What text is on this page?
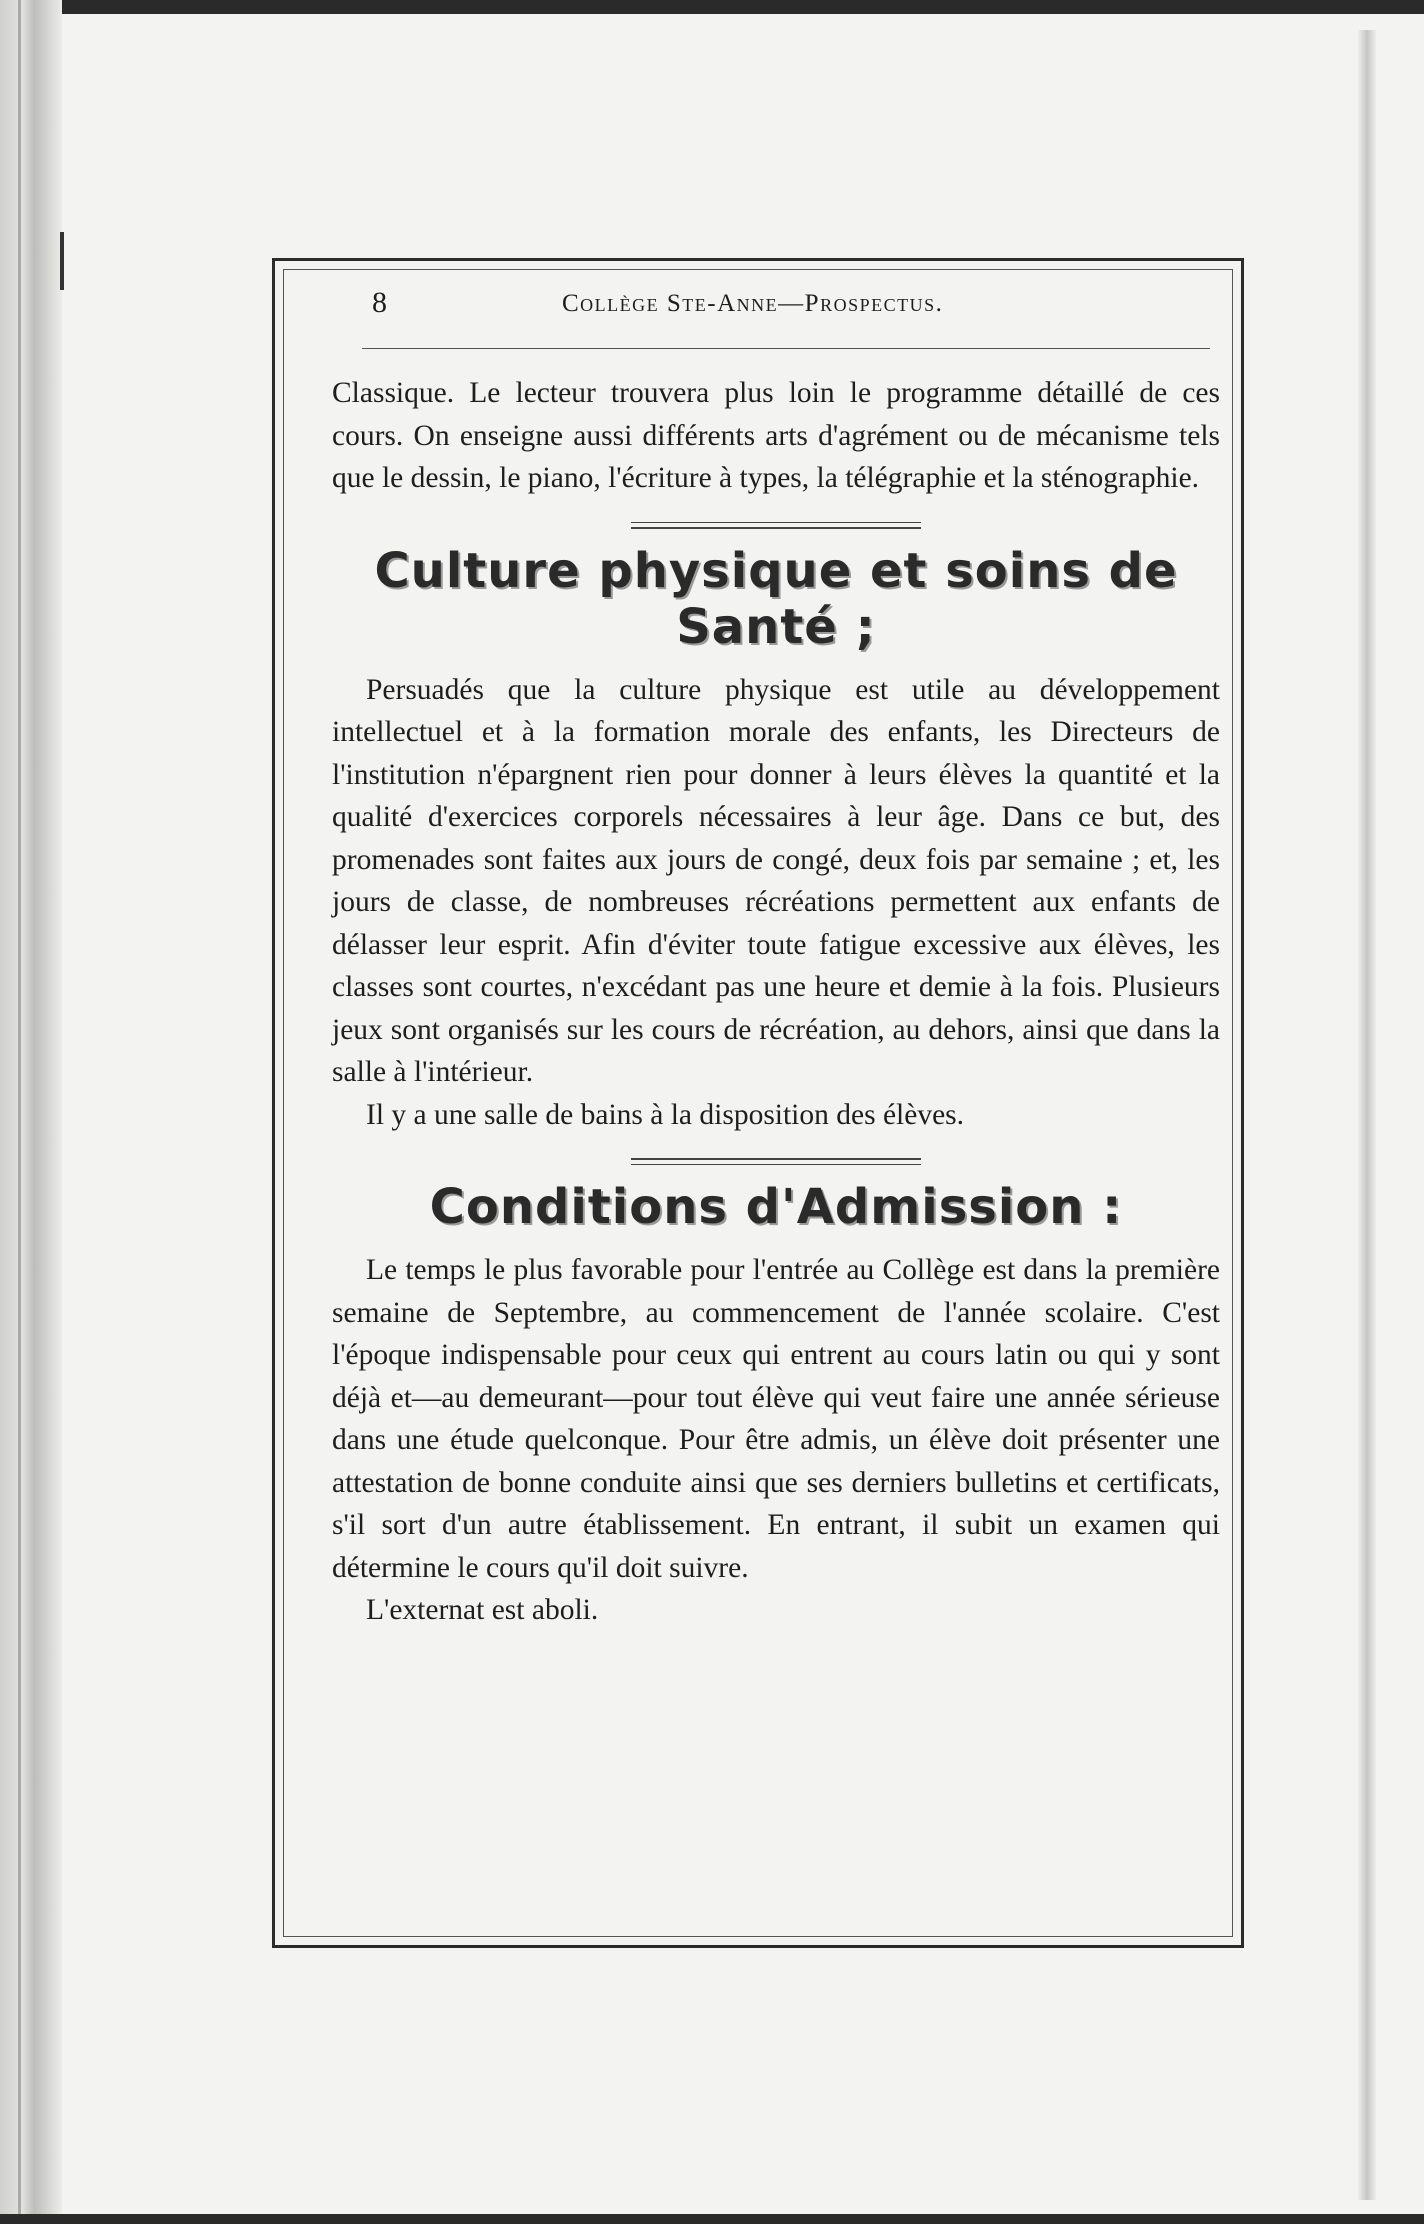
8	Collège Ste-Anne—Prospectus.

Classique. Le lecteur trouvera plus loin le programme détaillé de ces cours. On enseigne aussi différents arts d'agrément ou de mécanisme tels que le dessin, le piano, l'écriture à types, la télégraphie et la sténographie.

Culture physique et soins de Santé ;

Persuadés que la culture physique est utile au développement intellectuel et à la formation morale des enfants, les Directeurs de l'institution n'épargnent rien pour donner à leurs élèves la quantité et la qualité d'exercices corporels nécessaires à leur âge. Dans ce but, des promenades sont faites aux jours de congé, deux fois par semaine ; et, les jours de classe, de nombreuses récréations permettent aux enfants de délasser leur esprit. Afin d'éviter toute fatigue excessive aux élèves, les classes sont courtes, n'excédant pas une heure et demie à la fois. Plusieurs jeux sont organisés sur les cours de récréation, au dehors, ainsi que dans la salle à l'intérieur.

Il y a une salle de bains à la disposition des élèves.

Conditions d'Admission :

Le temps le plus favorable pour l'entrée au Collège est dans la première semaine de Septembre, au commencement de l'année scolaire. C'est l'époque indispensable pour ceux qui entrent au cours latin ou qui y sont déjà et—au demeurant—pour tout élève qui veut faire une année sérieuse dans une étude quelconque. Pour être admis, un élève doit présenter une attestation de bonne conduite ainsi que ses derniers bulletins et certificats, s'il sort d'un autre établissement. En entrant, il subit un examen qui détermine le cours qu'il doit suivre.

L'externat est aboli.
